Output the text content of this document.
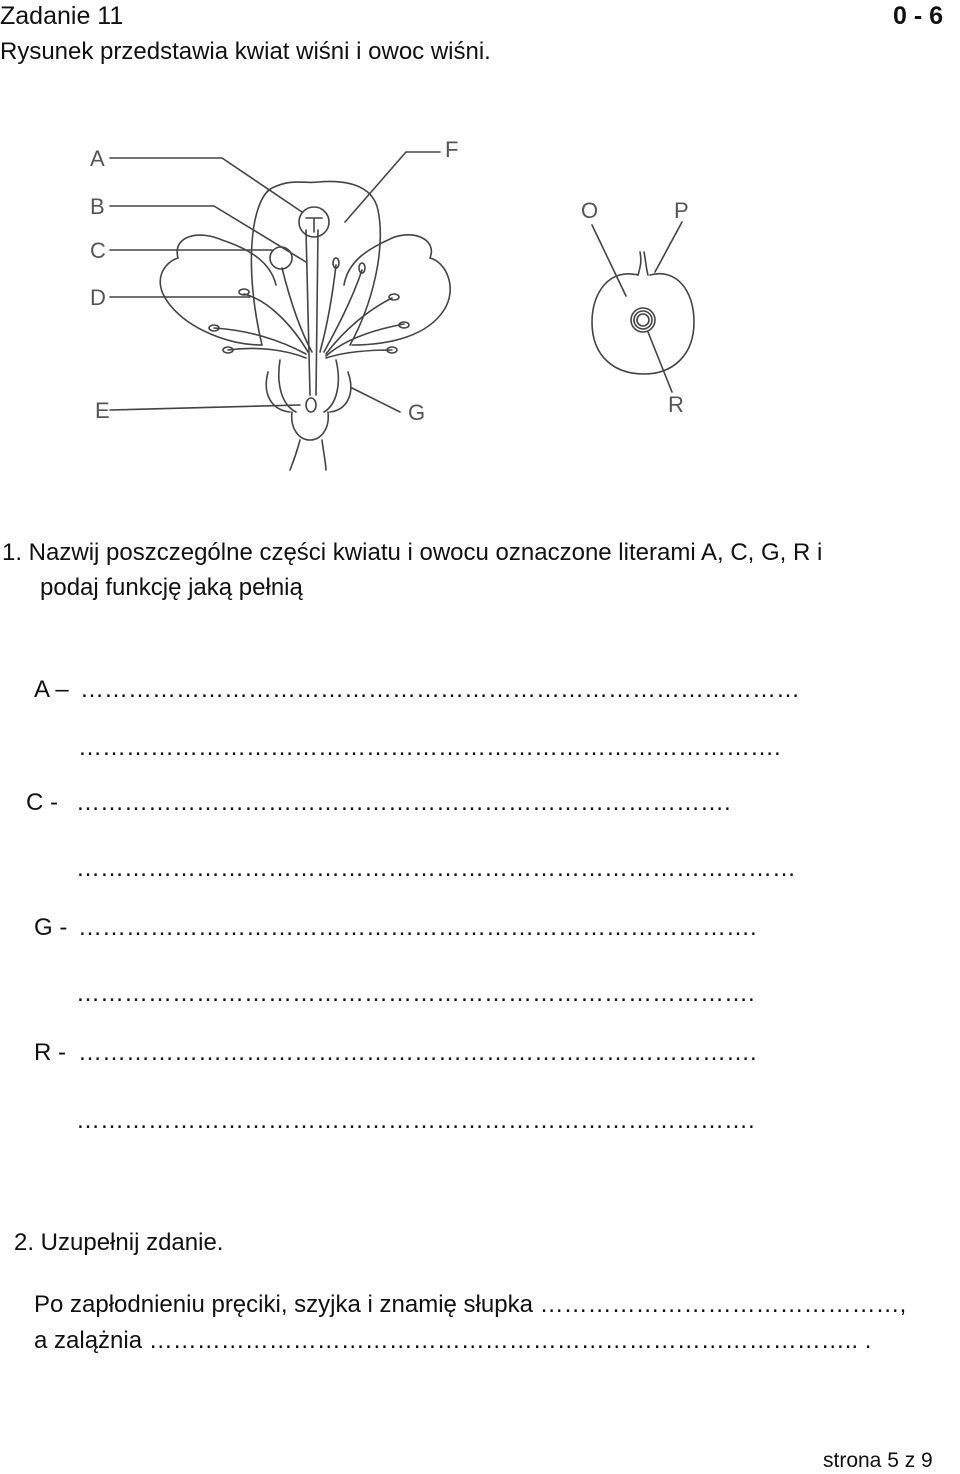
Zadanie 11	0 - 6
Rysunek przedstawia kwiat wiśni i owoc wiśni.
A
B
C
D
E
F
G
O	P
R
1. Nazwij poszczególne części kwiatu i owocu oznaczone literami A, C, G, R i
podaj funkcję jaką pełnią
A – ………………………………………………………………………………
…………………………………………………………………………….
C - ……………………………………………………………………….
………………………………………………………………………………
G - ………………………………………………………………………….
………………………………………………………………………….
R - ………………………………………………………………………….
………………………………………………………………………….
2. Uzupełnij zdanie.
Po zapłodnieniu pręciki, szyjka i znamię słupka ………………………………………,
a zalążnia …………………………………………………………………………….. .
strona 5 z 9
